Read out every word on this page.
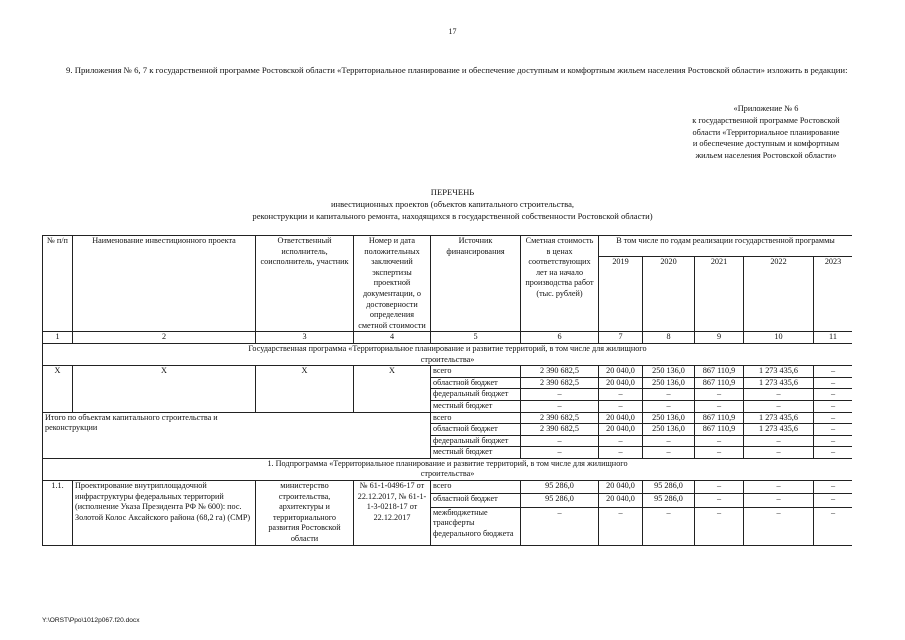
17
9. Приложения № 6, 7 к государственной программе Ростовской области «Территориальное планирование и обеспечение доступным и комфортным жильем населения Ростовской области» изложить в редакции:
«Приложение № 6
к государственной программе Ростовской
области «Территориальное планирование
и обеспечение доступным и комфортным
жильем населения Ростовской области»
ПЕРЕЧЕНЬ
инвестиционных проектов (объектов капитального строительства,
реконструкции и капитального ремонта, находящихся в государственной собственности Ростовской области)
№ п/п	Наименование инвестиционного проекта	Ответственный исполнитель, соисполнитель, участник	Номер и дата положительных заключений экспертизы проектной документации, о достоверности определения сметной стоимости	Источник финансирования	Сметная стоимость в ценах соответствующих лет на начало производства работ (тыс. рублей)	В том числе по годам реализации государственной программы				
						2019	2020	2021	2022	2023
1	2	3	4	5	6	7	8	9	10	11
Государственная программа «Территориальное планирование и развитие территорий, в том числе для жилищного строительства»										
X	X	X	X	всего	2 390 682,5	20 040,0	250 136,0	867 110,9	1 273 435,6	–
				областной бюджет	2 390 682,5	20 040,0	250 136,0	867 110,9	1 273 435,6	–
				федеральный бюджет	–	–	–	–	–	–
				местный бюджет	–	–	–	–	–	–
Итого по объектам капитального строительства и реконструкции				всего	2 390 682,5	20 040,0	250 136,0	867 110,9	1 273 435,6	–
				областной бюджет	2 390 682,5	20 040,0	250 136,0	867 110,9	1 273 435,6	–
				федеральный бюджет	–	–	–	–	–	–
				местный бюджет	–	–	–	–	–	–
1. Подпрограмма «Территориальное планирование и развитие территорий, в том числе для жилищного строительства»										
1.1.	Проектирование внутриплощадочной инфраструктуры федеральных территорий (исполнение Указа Президента РФ № 600): пос. Золотой Колос Аксайского района (68,2 га) (СМР)	министерство строительства, архитектуры и территориального развития Ростовской области	№ 61-1-0496-17 от 22.12.2017, № 61-1-1-3-0218-17 от 22.12.2017	всего	95 286,0	20 040,0	95 286,0	–	–	–
				областной бюджет	95 286,0	20 040,0	95 286,0	–	–	–
				межбюджетные трансферты федерального бюджета	–	–	–	–	–	–
Y:\ORST\Ppo\1012p067.f20.docx
